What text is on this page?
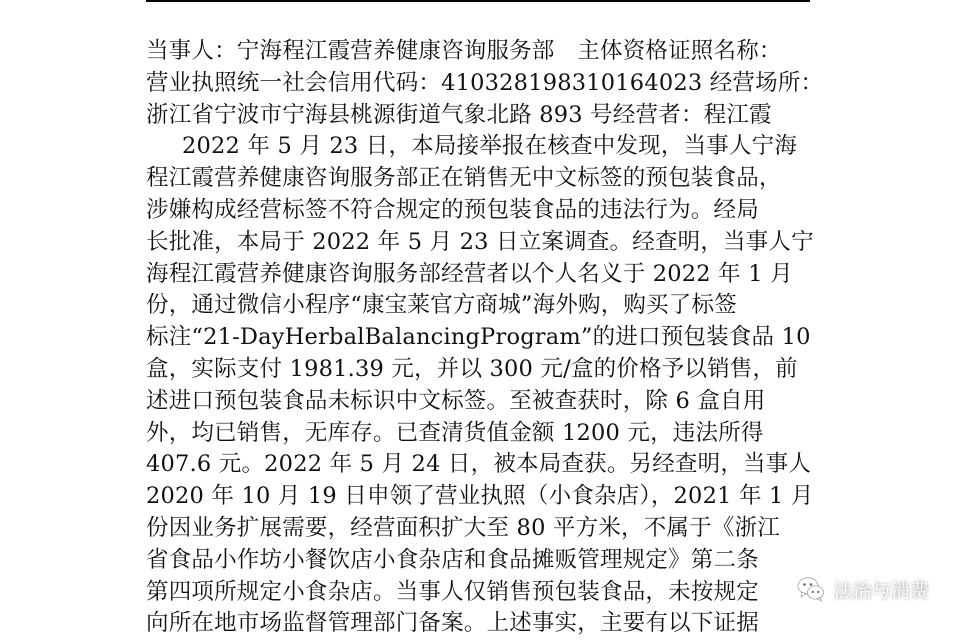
当事人：宁海程江霞营养健康咨询服务部　主体资格证照名称：
营业执照统一社会信用代码：410328198310164023 经营场所：
浙江省宁波市宁海县桃源街道气象北路 893 号经营者：程江霞
2022 年 5 月 23 日，本局接举报在核查中发现，当事人宁海
程江霞营养健康咨询服务部正在销售无中文标签的预包装食品，
涉嫌构成经营标签不符合规定的预包装食品的违法行为。经局
长批准，本局于 2022 年 5 月 23 日立案调查。经查明，当事人宁
海程江霞营养健康咨询服务部经营者以个人名义于 2022 年 1 月
份，通过微信小程序“康宝莱官方商城”海外购，购买了标签
标注“21-DayHerbalBalancingProgram”的进口预包装食品 10
盒，实际支付 1981.39 元，并以 300 元/盒的价格予以销售，前
述进口预包装食品未标识中文标签。至被查获时，除 6 盒自用
外，均已销售，无库存。已查清货值金额 1200 元，违法所得
407.6 元。2022 年 5 月 24 日，被本局查获。另经查明，当事人
2020 年 10 月 19 日申领了营业执照（小食杂店），2021 年 1 月
份因业务扩展需要，经营面积扩大至 80 平方米，不属于《浙江
省食品小作坊小餐饮店小食杂店和食品摊贩管理规定》第二条
第四项所规定小食杂店。当事人仅销售预包装食品，未按规定
向所在地市场监督管理部门备案。上述事实，主要有以下证据
法治与消费
